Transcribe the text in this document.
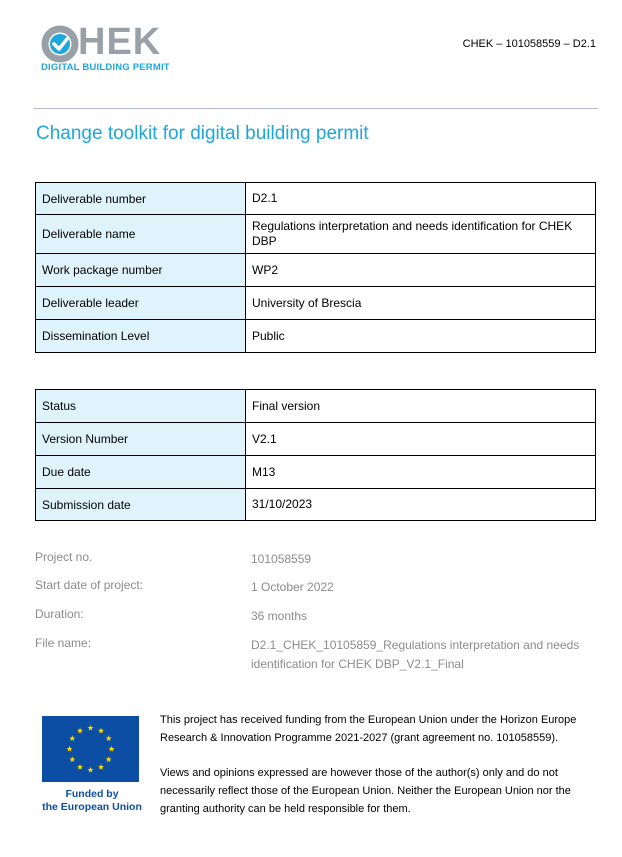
HEK
DIGITAL BUILDING PERMIT
CHEK – 101058559 – D2.1
Change toolkit for digital building permit
Deliverable number	D2.1
Deliverable name	Regulations interpretation and needs identification for CHEK DBP
Work package number	WP2
Deliverable leader	University of Brescia
Dissemination Level	Public
Status	Final version
Version Number	V2.1
Due date	M13
Submission date	31/10/2023
Project no.	101058559
Start date of project:	1 October 2022
Duration:	36 months
File name:	D2.1_CHEK_10105859_Regulations interpretation and needs identification for CHEK DBP_V2.1_Final
Funded by
the European Union

This project has received funding from the European Union under the Horizon Europe Research & Innovation Programme 2021-2027 (grant agreement no. 101058559).

Views and opinions expressed are however those of the author(s) only and do not necessarily reflect those of the European Union. Neither the European Union nor the granting authority can be held responsible for them.
